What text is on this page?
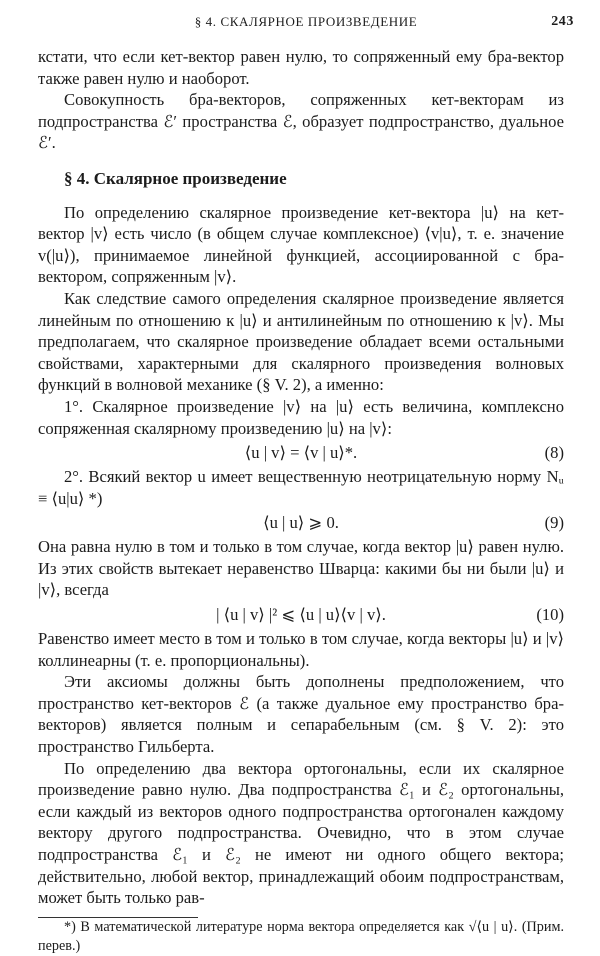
§ 4. СКАЛЯРНОЕ ПРОИЗВЕДЕНИЕ	243

кстати, что если кет-вектор равен нулю, то сопряженный ему бра-вектор также равен нулю и наоборот.

Совокупность бра-векторов, сопряженных кет-векторам из подпространства ℰ′ пространства ℰ, образует подпространство, дуальное ℰ′.

§ 4. Скалярное произведение

По определению скалярное произведение кет-вектора |u⟩ на кет-вектор |v⟩ есть число (в общем случае комплексное) ⟨v|u⟩, т. е. значение v(|u⟩), принимаемое линейной функцией, ассоциированной с бра-вектором, сопряженным |v⟩.

Как следствие самого определения скалярное произведение является линейным по отношению к |u⟩ и антилинейным по отношению к |v⟩. Мы предполагаем, что скалярное произведение обладает всеми остальными свойствами, характерными для скалярного произведения волновых функций в волновой механике (§ V. 2), а именно:

1°. Скалярное произведение |v⟩ на |u⟩ есть величина, комплексно сопряженная скалярному произведению |u⟩ на |v⟩:

⟨u | v⟩ = ⟨v | u⟩*.	(8)

2°. Всякий вектор u имеет вещественную неотрицательную норму Nᵤ ≡ ⟨u|u⟩ *)

⟨u | u⟩ ⩾ 0.	(9)

Она равна нулю в том и только в том случае, когда вектор |u⟩ равен нулю. Из этих свойств вытекает неравенство Шварца: какими бы ни были |u⟩ и |v⟩, всегда

| ⟨u | v⟩ |² ⩽ ⟨u | u⟩⟨v | v⟩.	(10)

Равенство имеет место в том и только в том случае, когда векторы |u⟩ и |v⟩ коллинеарны (т. е. пропорциональны).

Эти аксиомы должны быть дополнены предположением, что пространство кет-векторов ℰ (а также дуальное ему пространство бра-векторов) является полным и сепарабельным (см. § V. 2): это пространство Гильберта.

По определению два вектора ортогональны, если их скалярное произведение равно нулю. Два подпространства ℰ₁ и ℰ₂ ортогональны, если каждый из векторов одного подпространства ортогонален каждому вектору другого подпространства. Очевидно, что в этом случае подпространства ℰ₁ и ℰ₂ не имеют ни одного общего вектора; действительно, любой вектор, принадлежащий обоим подпространствам, может быть только рав-

*) В математической литературе норма вектора определяется как √⟨u | u⟩. (Прим. перев.)
